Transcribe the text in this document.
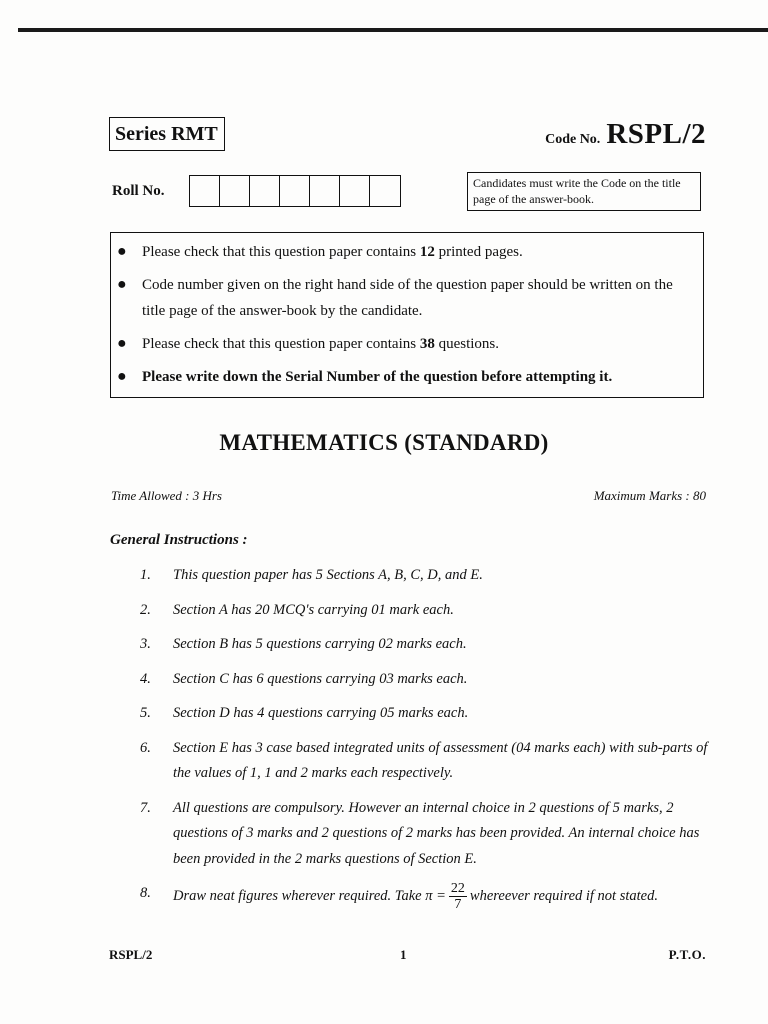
Series RMT	Code No. RSPL/2
Roll No.	Candidates must write the Code on the title page of the answer-book.
●	Please check that this question paper contains 12 printed pages.
●	Code number given on the right hand side of the question paper should be written on the title page of the answer-book by the candidate.
●	Please check that this question paper contains 38 questions.
●	Please write down the Serial Number of the question before attempting it.
MATHEMATICS (STANDARD)
Time Allowed : 3 Hrs	Maximum Marks : 80
General Instructions :
1.	This question paper has 5 Sections A, B, C, D, and E.
2.	Section A has 20 MCQ's carrying 01 mark each.
3.	Section B has 5 questions carrying 02 marks each.
4.	Section C has 6 questions carrying 03 marks each.
5.	Section D has 4 questions carrying 05 marks each.
6.	Section E has 3 case based integrated units of assessment (04 marks each) with sub-parts of the values of 1, 1 and 2 marks each respectively.
7.	All questions are compulsory. However an internal choice in 2 questions of 5 marks, 2 questions of 3 marks and 2 questions of 2 marks has been provided. An internal choice has been provided in the 2 marks questions of Section E.
8.	Draw neat figures wherever required. Take $\pi = \frac{22}{7}$ whereever required if not stated.
RSPL/2	1	P.T.O.
